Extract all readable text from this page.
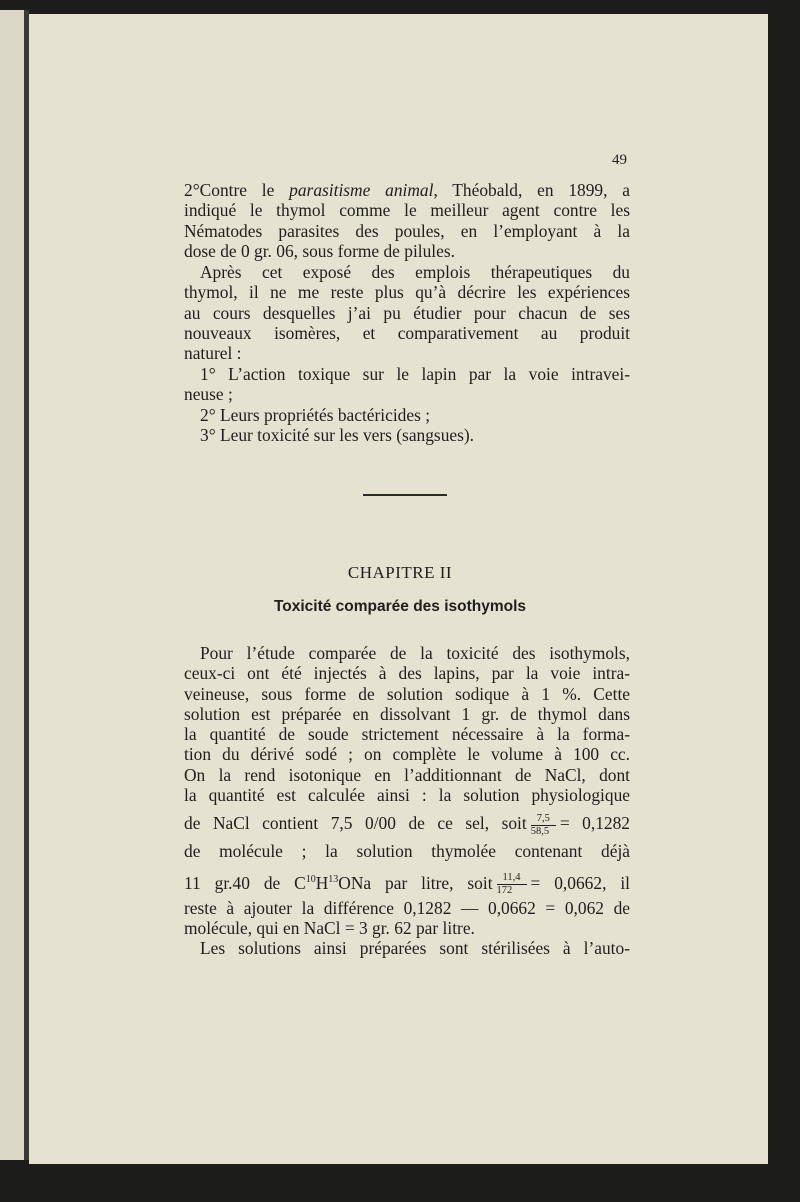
49
2°Contre le parasitisme animal, Théobald, en 1899, a
indiqué le thymol comme le meilleur agent contre les
Nématodes parasites des poules, en l’employant à la
dose de 0 gr. 06, sous forme de pilules.
Après cet exposé des emplois thérapeutiques du
thymol, il ne me reste plus qu’à décrire les expériences
au cours desquelles j’ai pu étudier pour chacun de ses
nouveaux isomères, et comparativement au produit
naturel :
1° L’action toxique sur le lapin par la voie intravei-
neuse ;
2° Leurs propriétés bactéricides ;
3° Leur toxicité sur les vers (sangsues).
CHAPITRE II
Toxicité comparée des isothymols
Pour l’étude comparée de la toxicité des isothymols,
ceux-ci ont été injectés à des lapins, par la voie intra-
veineuse, sous forme de solution sodique à 1 %. Cette
solution est préparée en dissolvant 1 gr. de thymol dans
la quantité de soude strictement nécessaire à la forma-
tion du dérivé sodé ; on complète le volume à 100 cc.
On la rend isotonique en l’additionnant de NaCl, dont
la quantité est calculée ainsi : la solution physiologique
de NaCl contient 7,5 0/00 de ce sel, soit $\frac{7,5}{58,5} = 0,1282$
de molécule ; la solution thymolée contenant déjà
11 gr.40 de $C^{10}H^{13}ONa$ par litre, soit $\frac{11,4}{172} = 0,0662$, il
reste à ajouter la différence 0,1282 — 0,0662 = 0,062 de
molécule, qui en NaCl = 3 gr. 62 par litre.
Les solutions ainsi préparées sont stérilisées à l’auto-
